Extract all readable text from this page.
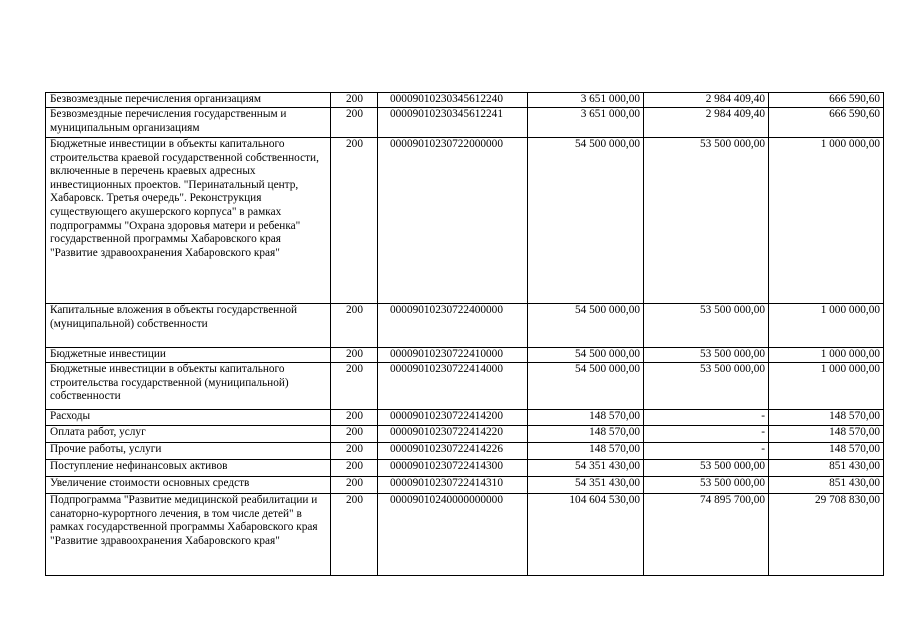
Безвозмездные перечисления организациям	200	00009010230345612240	3 651 000,00	2 984 409,40	666 590,60
Безвозмездные перечисления государственным и муниципальным организациям	200	00009010230345612241	3 651 000,00	2 984 409,40	666 590,60
Бюджетные инвестиции в объекты капитального строительства краевой государственной собственности, включенные в перечень краевых адресных инвестиционных проектов. "Перинатальный центр, Хабаровск. Третья очередь". Реконструкция существующего акушерского корпуса" в рамках подпрограммы "Охрана здоровья матери и ребенка" государственной программы Хабаровского края "Развитие здравоохранения Хабаровского края"	200	00009010230722000000	54 500 000,00	53 500 000,00	1 000 000,00
Капитальные вложения в объекты государственной (муниципальной) собственности	200	00009010230722400000	54 500 000,00	53 500 000,00	1 000 000,00
Бюджетные инвестиции	200	00009010230722410000	54 500 000,00	53 500 000,00	1 000 000,00
Бюджетные инвестиции в объекты капитального строительства государственной (муниципальной) собственности	200	00009010230722414000	54 500 000,00	53 500 000,00	1 000 000,00
Расходы	200	00009010230722414200	148 570,00	-	148 570,00
Оплата работ, услуг	200	00009010230722414220	148 570,00	-	148 570,00
Прочие работы, услуги	200	00009010230722414226	148 570,00	-	148 570,00
Поступление нефинансовых активов	200	00009010230722414300	54 351 430,00	53 500 000,00	851 430,00
Увеличение стоимости основных средств	200	00009010230722414310	54 351 430,00	53 500 000,00	851 430,00
Подпрограмма "Развитие медицинской реабилитации и санаторно-курортного лечения, в том числе детей" в рамках государственной программы Хабаровского края "Развитие здравоохранения Хабаровского края"	200	00009010240000000000	104 604 530,00	74 895 700,00	29 708 830,00
